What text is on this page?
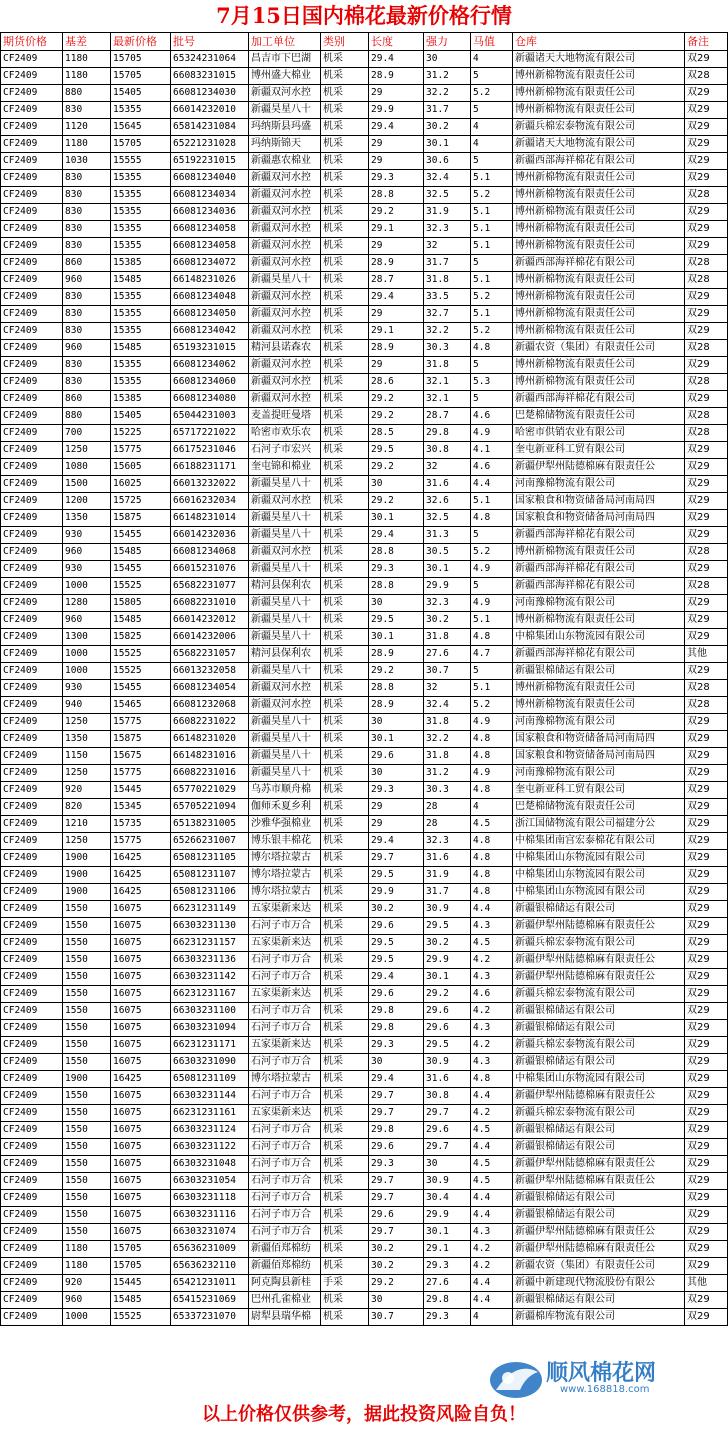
7月15日国内棉花最新价格行情
期货价格	基差	最新价格	批号	加工单位	类别	长度	强力	马值	仓库	备注
CF2409	1180	15705	65324231064	昌吉市下巴湖	机采	29.4	30	4	新疆诸天大地物流有限公司	双29
CF2409	1180	15705	66083231015	博州盛大棉业	机采	28.9	31.2	5	博州新棉物流有限责任公司	双28
CF2409	880	15405	66081234030	新疆双河水控	机采	29	32.2	5.2	博州新棉物流有限责任公司	双29
CF2409	830	15355	66014232010	新疆昊星八十	机采	29.9	31.7	5	博州新棉物流有限责任公司	双29
CF2409	1120	15645	65814231084	玛纳斯县玛盛	机采	29.4	30.2	4	新疆兵棉宏泰物流有限公司	双29
CF2409	1180	15705	65221231028	玛纳斯锦天	机采	29	30.1	4	新疆诸天大地物流有限公司	双29
CF2409	1030	15555	65192231015	新疆惠农棉业	机采	29	30.6	5	新疆西部海祥棉花有限公司	双29
CF2409	830	15355	66081234040	新疆双河水控	机采	29.3	32.4	5.1	博州新棉物流有限责任公司	双29
CF2409	830	15355	66081234034	新疆双河水控	机采	28.8	32.5	5.2	博州新棉物流有限责任公司	双28
CF2409	830	15355	66081234036	新疆双河水控	机采	29.2	31.9	5.1	博州新棉物流有限责任公司	双29
CF2409	830	15355	66081234058	新疆双河水控	机采	29.1	32.3	5.1	博州新棉物流有限责任公司	双29
CF2409	830	15355	66081234058	新疆双河水控	机采	29	32	5.1	博州新棉物流有限责任公司	双29
CF2409	860	15385	66081234072	新疆双河水控	机采	28.9	31.7	5	新疆西部海祥棉花有限公司	双28
CF2409	960	15485	66148231026	新疆昊星八十	机采	28.7	31.8	5.1	博州新棉物流有限责任公司	双28
CF2409	830	15355	66081234048	新疆双河水控	机采	29.4	33.5	5.2	博州新棉物流有限责任公司	双29
CF2409	830	15355	66081234050	新疆双河水控	机采	29	32.7	5.1	博州新棉物流有限责任公司	双29
CF2409	830	15355	66081234042	新疆双河水控	机采	29.1	32.2	5.2	博州新棉物流有限责任公司	双29
CF2409	960	15485	65193231015	精河县诺森农	机采	28.9	30.3	4.8	新疆农资（集团）有限责任公司	双28
CF2409	830	15355	66081234062	新疆双河水控	机采	29	31.8	5	博州新棉物流有限责任公司	双29
CF2409	830	15355	66081234060	新疆双河水控	机采	28.6	32.1	5.3	博州新棉物流有限责任公司	双28
CF2409	860	15385	66081234080	新疆双河水控	机采	29.2	32.1	5	新疆西部海祥棉花有限公司	双29
CF2409	880	15405	65044231003	麦盖提旺曼塔	机采	29.2	28.7	4.6	巴楚棉储物流有限责任公司	双28
CF2409	700	15225	65717221022	哈密市欢乐农	机采	28.5	29.8	4.9	哈密市供销农业有限公司	双28
CF2409	1250	15775	66175231046	石河子市宏兴	机采	29.5	30.8	4.1	奎屯新亚科工贸有限公司	双29
CF2409	1080	15605	66188231171	奎屯锦和棉业	机采	29.2	32	4.6	新疆伊犁州陆德棉麻有限责任公	双29
CF2409	1500	16025	66013232022	新疆昊星八十	机采	30	31.6	4.4	河南豫棉物流有限公司	双29
CF2409	1200	15725	66016232034	新疆双河水控	机采	29.2	32.6	5.1	国家粮食和物资储备局河南局四	双29
CF2409	1350	15875	66148231014	新疆昊星八十	机采	30.1	32.5	4.8	国家粮食和物资储备局河南局四	双29
CF2409	930	15455	66014232036	新疆昊星八十	机采	29.4	31.3	5	新疆西部海祥棉花有限公司	双29
CF2409	960	15485	66081234068	新疆双河水控	机采	28.8	30.5	5.2	博州新棉物流有限责任公司	双28
CF2409	930	15455	66015231076	新疆昊星八十	机采	29.3	30.1	4.9	新疆西部海祥棉花有限公司	双29
CF2409	1000	15525	65682231077	精河县保利农	机采	28.8	29.9	5	新疆西部海祥棉花有限公司	双28
CF2409	1280	15805	66082231010	新疆昊星八十	机采	30	32.3	4.9	河南豫棉物流有限公司	双29
CF2409	960	15485	66014232012	新疆昊星八十	机采	29.5	30.2	5.1	博州新棉物流有限责任公司	双29
CF2409	1300	15825	66014232006	新疆昊星八十	机采	30.1	31.8	4.8	中棉集团山东物流园有限公司	双29
CF2409	1000	15525	65682231057	精河县保利农	机采	28.9	27.6	4.7	新疆西部海祥棉花有限公司	其他
CF2409	1000	15525	66013232058	新疆昊星八十	机采	29.2	30.7	5	新疆银棉储运有限公司	双29
CF2409	930	15455	66081234054	新疆双河水控	机采	28.8	32	5.1	博州新棉物流有限责任公司	双28
CF2409	940	15465	66081232068	新疆双河水控	机采	28.9	32.4	5.2	博州新棉物流有限责任公司	双28
CF2409	1250	15775	66082231022	新疆昊星八十	机采	30	31.8	4.9	河南豫棉物流有限公司	双29
CF2409	1350	15875	66148231020	新疆昊星八十	机采	30.1	32.2	4.8	国家粮食和物资储备局河南局四	双29
CF2409	1150	15675	66148231016	新疆昊星八十	机采	29.6	31.8	4.8	国家粮食和物资储备局河南局四	双29
CF2409	1250	15775	66082231016	新疆昊星八十	机采	30	31.2	4.9	河南豫棉物流有限公司	双29
CF2409	920	15445	65770221029	乌苏市顺舟棉	机采	29.3	30.3	4.8	奎屯新亚科工贸有限公司	双29
CF2409	820	15345	65705221094	伽师禾夏乡利	机采	29	28	4	巴楚棉储物流有限责任公司	双29
CF2409	1210	15735	65138231005	沙雅华强棉业	机采	29	28	4.5	浙江国储物流有限公司福建分公	双29
CF2409	1250	15775	65266231007	博乐银丰棉花	机采	29.4	32.3	4.8	中棉集团南宫宏泰棉花有限公司	双29
CF2409	1900	16425	65081231105	博尔塔拉蒙古	机采	29.7	31.6	4.8	中棉集团山东物流园有限公司	双29
CF2409	1900	16425	65081231107	博尔塔拉蒙古	机采	29.5	31.9	4.8	中棉集团山东物流园有限公司	双29
CF2409	1900	16425	65081231106	博尔塔拉蒙古	机采	29.9	31.7	4.8	中棉集团山东物流园有限公司	双29
CF2409	1550	16075	66231231149	五家渠新来达	机采	30.2	30.9	4.4	新疆银棉储运有限公司	双29
CF2409	1550	16075	66303231130	石河子市万合	机采	29.6	29.5	4.3	新疆伊犁州陆德棉麻有限责任公	双29
CF2409	1550	16075	66231231157	五家渠新来达	机采	29.5	30.2	4.5	新疆兵棉宏泰物流有限公司	双29
CF2409	1550	16075	66303231136	石河子市万合	机采	29.5	29.9	4.2	新疆伊犁州陆德棉麻有限责任公	双29
CF2409	1550	16075	66303231142	石河子市万合	机采	29.4	30.1	4.3	新疆伊犁州陆德棉麻有限责任公	双29
CF2409	1550	16075	66231231167	五家渠新来达	机采	29.6	29.2	4.6	新疆兵棉宏泰物流有限公司	双29
CF2409	1550	16075	66303231100	石河子市万合	机采	29.8	29.6	4.2	新疆银棉储运有限公司	双29
CF2409	1550	16075	66303231094	石河子市万合	机采	29.8	29.6	4.3	新疆银棉储运有限公司	双29
CF2409	1550	16075	66231231171	五家渠新来达	机采	29.3	29.5	4.2	新疆兵棉宏泰物流有限公司	双29
CF2409	1550	16075	66303231090	石河子市万合	机采	30	30.9	4.3	新疆银棉储运有限公司	双29
CF2409	1900	16425	65081231109	博尔塔拉蒙古	机采	29.4	31.6	4.8	中棉集团山东物流园有限公司	双29
CF2409	1550	16075	66303231144	石河子市万合	机采	29.7	30.8	4.4	新疆伊犁州陆德棉麻有限责任公	双29
CF2409	1550	16075	66231231161	五家渠新来达	机采	29.7	29.7	4.2	新疆兵棉宏泰物流有限公司	双29
CF2409	1550	16075	66303231124	石河子市万合	机采	29.8	29.6	4.5	新疆银棉储运有限公司	双29
CF2409	1550	16075	66303231122	石河子市万合	机采	29.6	29.7	4.4	新疆银棉储运有限公司	双29
CF2409	1550	16075	66303231048	石河子市万合	机采	29.3	30	4.5	新疆伊犁州陆德棉麻有限责任公	双29
CF2409	1550	16075	66303231054	石河子市万合	机采	29.7	30.9	4.5	新疆伊犁州陆德棉麻有限责任公	双29
CF2409	1550	16075	66303231118	石河子市万合	机采	29.7	30.4	4.4	新疆银棉储运有限公司	双29
CF2409	1550	16075	66303231116	石河子市万合	机采	29.6	29.9	4.4	新疆银棉储运有限公司	双29
CF2409	1550	16075	66303231074	石河子市万合	机采	29.7	30.1	4.3	新疆伊犁州陆德棉麻有限责任公	双29
CF2409	1180	15705	65636231009	新疆佰郑棉纺	机采	30.2	29.1	4.2	新疆伊犁州陆德棉麻有限责任公	双29
CF2409	1180	15705	65636232110	新疆佰郑棉纺	机采	30.2	29.3	4.2	新疆农资（集团）有限责任公司	双29
CF2409	920	15445	65421231011	阿克陶县新桂	手采	29.2	27.6	4.4	新疆中新建现代物流股份有限公	其他
CF2409	960	15485	65415231069	巴州孔雀棉业	机采	30	29.8	4.4	新疆银棉储运有限公司	双29
CF2409	1000	15525	65337231070	尉犁县瑞华棉	机采	30.7	29.3	4	新疆棉库物流有限公司	双29
顺风棉花网
www.168818.com
以上价格仅供参考，据此投资风险自负！
